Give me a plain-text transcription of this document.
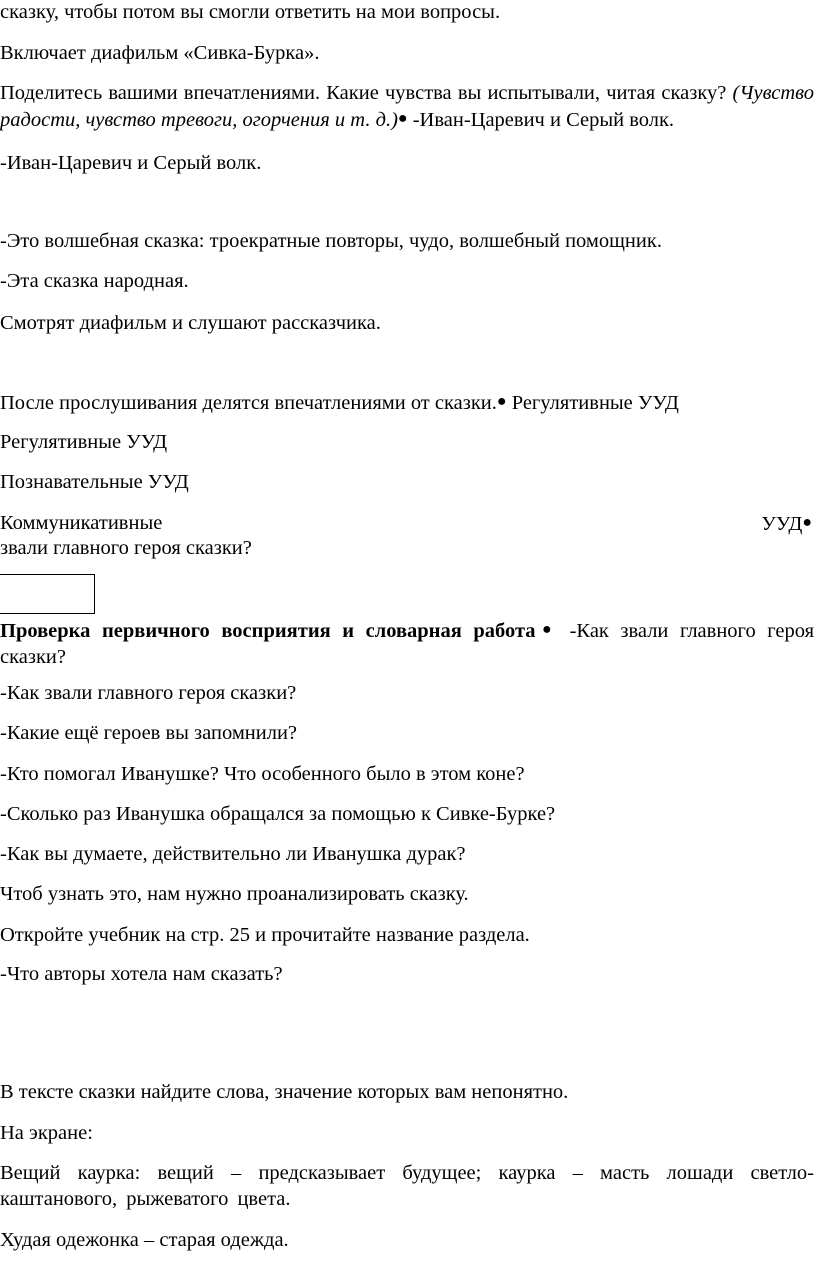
сказку, чтобы потом вы смогли ответить на мои вопросы.
Включает диафильм «Сивка-Бурка».
Поделитесь вашими впечатлениями. Какие чувства вы испытывали, читая сказку? (Чувство радости, чувство тревоги, огорчения и т. д.)● -Иван-Царевич и Серый волк.
-Иван-Царевич и Серый волк.
-Это волшебная сказка: троекратные повторы, чудо, волшебный помощник.
-Эта сказка народная.
Смотрят диафильм и слушают рассказчика.
После прослушивания делятся впечатлениями от сказки.● Регулятивные УУД
Регулятивные УУД
Познавательные УУД
Коммуникативные	УУД●
звали главного героя сказки?
Проверка первичного восприятия и словарная работа● -Как звали главного героя сказки?
-Как звали главного героя сказки?
-Какие ещё героев вы запомнили?
-Кто помогал Иванушке? Что особенного было в этом коне?
-Сколько раз Иванушка обращался за помощью к Сивке-Бурке?
-Как вы думаете, действительно ли Иванушка дурак?
Чтоб узнать это, нам нужно проанализировать сказку.
Откройте учебник на стр. 25 и прочитайте название раздела.
-Что авторы хотела нам сказать?
В тексте сказки найдите слова, значение которых вам непонятно.
На экране:
Вещий каурка: вещий – предсказывает будущее; каурка – масть лошади светло-каштанового, рыжеватого цвета.
Худая одежонка – старая одежда.
